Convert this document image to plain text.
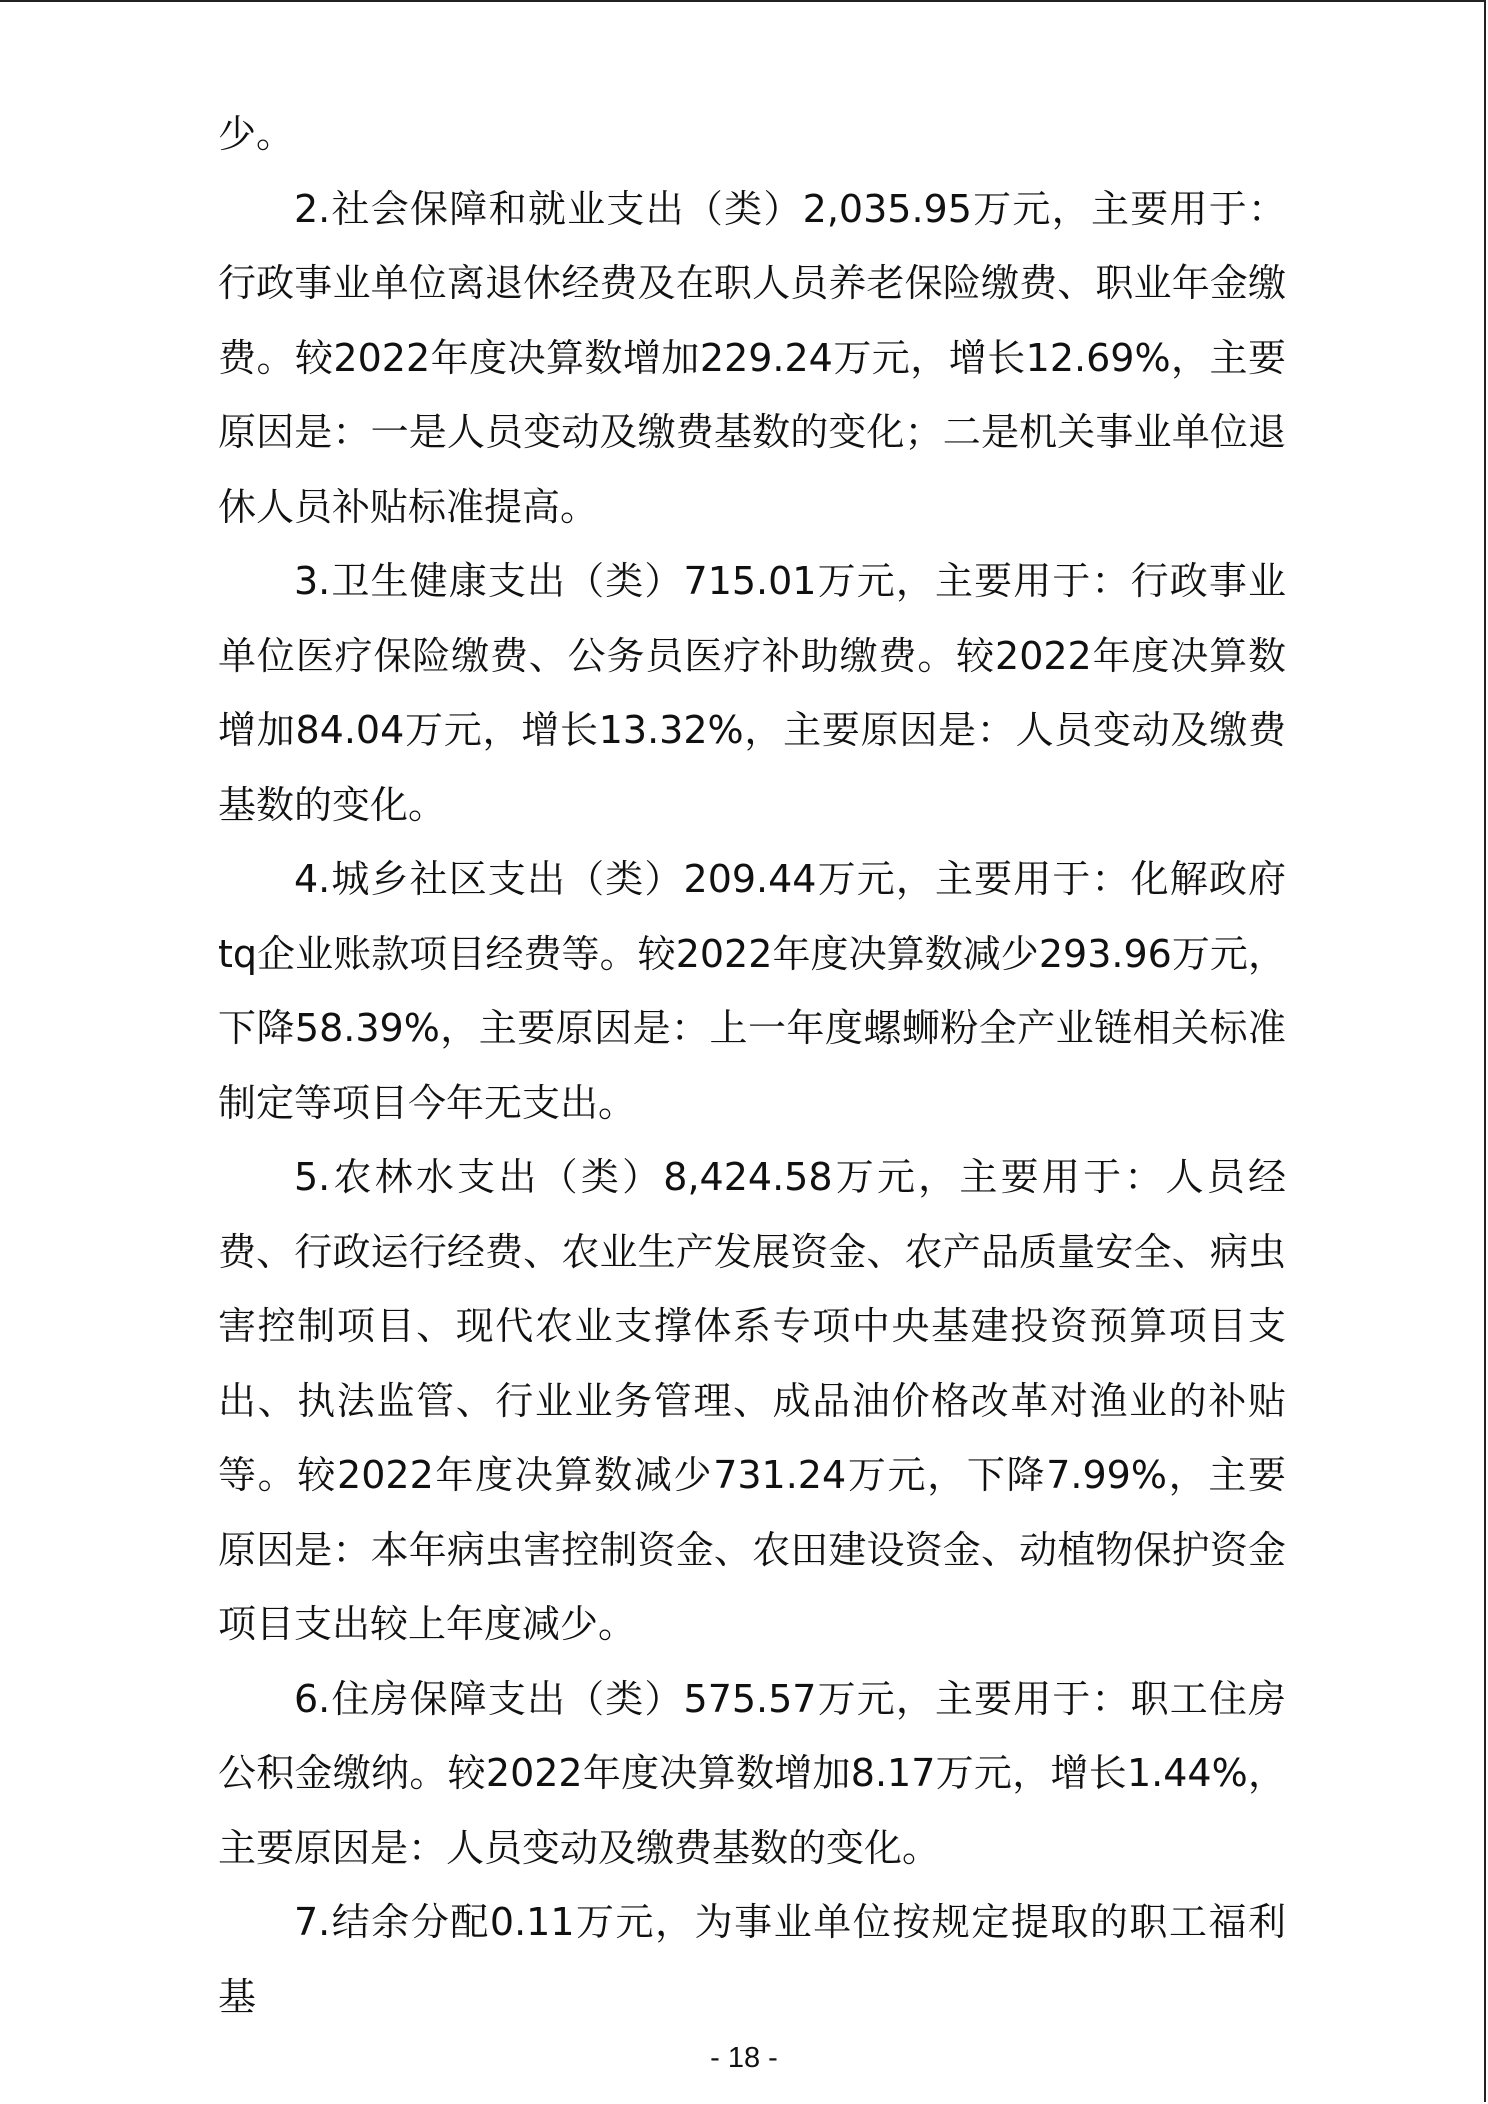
少。

2.社会保障和就业支出（类）2,035.95万元，主要用于：行政事业单位离退休经费及在职人员养老保险缴费、职业年金缴费。较2022年度决算数增加229.24万元，增长12.69%，主要原因是：一是人员变动及缴费基数的变化；二是机关事业单位退休人员补贴标准提高。

3.卫生健康支出（类）715.01万元，主要用于：行政事业单位医疗保险缴费、公务员医疗补助缴费。较2022年度决算数增加84.04万元，增长13.32%，主要原因是：人员变动及缴费基数的变化。

4.城乡社区支出（类）209.44万元，主要用于：化解政府tq企业账款项目经费等。较2022年度决算数减少293.96万元，下降58.39%，主要原因是：上一年度螺蛳粉全产业链相关标准制定等项目今年无支出。

5.农林水支出（类）8,424.58万元，主要用于：人员经费、行政运行经费、农业生产发展资金、农产品质量安全、病虫害控制项目、现代农业支撑体系专项中央基建投资预算项目支出、执法监管、行业业务管理、成品油价格改革对渔业的补贴等。较2022年度决算数减少731.24万元，下降7.99%，主要原因是：本年病虫害控制资金、农田建设资金、动植物保护资金项目支出较上年度减少。

6.住房保障支出（类）575.57万元，主要用于：职工住房公积金缴纳。较2022年度决算数增加8.17万元，增长1.44%，主要原因是：人员变动及缴费基数的变化。

7.结余分配0.11万元，为事业单位按规定提取的职工福利基

- 18 -
